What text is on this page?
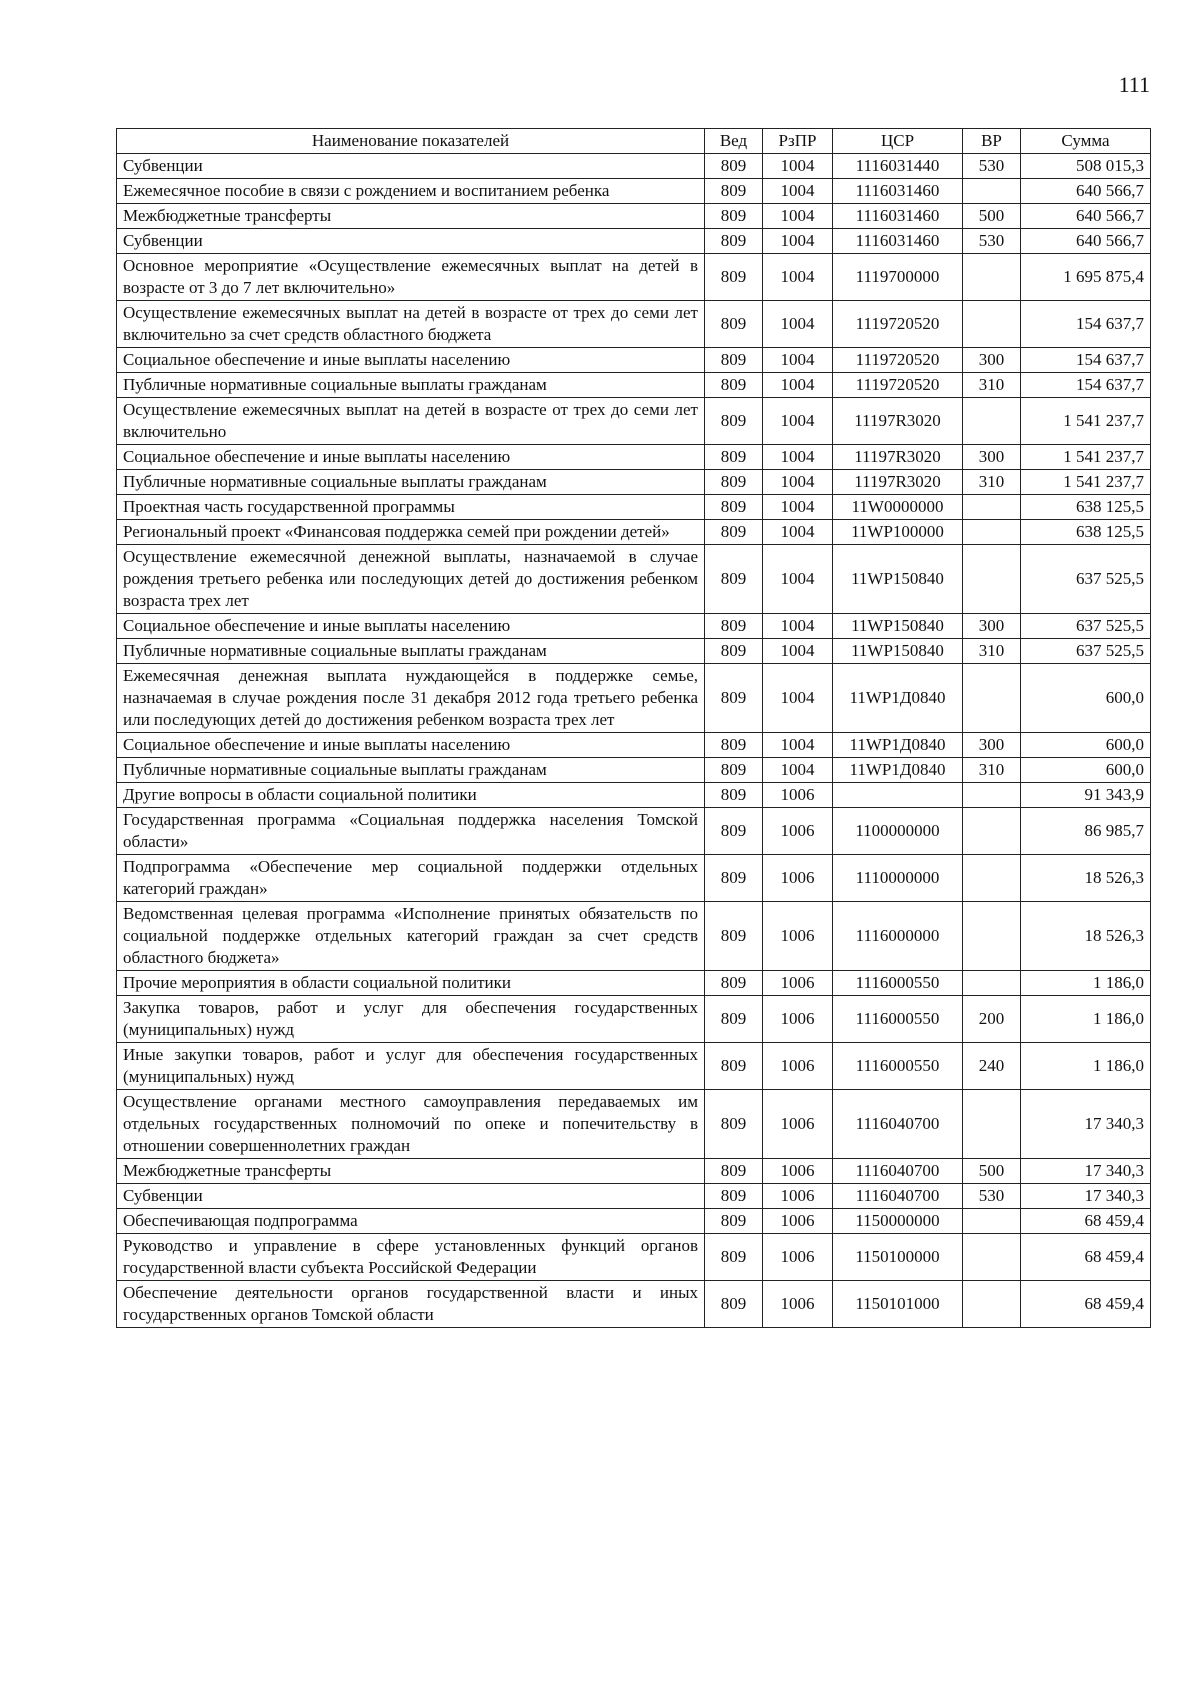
111
Наименование показателей	Вед	РзПР	ЦСР	ВР	Сумма
Субвенции	809	1004	1116031440	530	508 015,3
Ежемесячное пособие в связи с рождением и воспитанием ребенка	809	1004	1116031460		640 566,7
Межбюджетные трансферты	809	1004	1116031460	500	640 566,7
Субвенции	809	1004	1116031460	530	640 566,7
Основное мероприятие «Осуществление ежемесячных выплат на детей в возрасте от 3 до 7 лет включительно»	809	1004	1119700000		1 695 875,4
Осуществление ежемесячных выплат на детей в возрасте от трех до семи лет включительно за счет средств областного бюджета	809	1004	1119720520		154 637,7
Социальное обеспечение и иные выплаты населению	809	1004	1119720520	300	154 637,7
Публичные нормативные социальные выплаты гражданам	809	1004	1119720520	310	154 637,7
Осуществление ежемесячных выплат на детей в возрасте от трех до семи лет включительно	809	1004	11197R3020		1 541 237,7
Социальное обеспечение и иные выплаты населению	809	1004	11197R3020	300	1 541 237,7
Публичные нормативные социальные выплаты гражданам	809	1004	11197R3020	310	1 541 237,7
Проектная часть государственной программы	809	1004	11W0000000		638 125,5
Региональный проект «Финансовая поддержка семей при рождении детей»	809	1004	11WP100000		638 125,5
Осуществление ежемесячной денежной выплаты, назначаемой в случае рождения третьего ребенка или последующих детей до достижения ребенком возраста трех лет	809	1004	11WP150840		637 525,5
Социальное обеспечение и иные выплаты населению	809	1004	11WP150840	300	637 525,5
Публичные нормативные социальные выплаты гражданам	809	1004	11WP150840	310	637 525,5
Ежемесячная денежная выплата нуждающейся в поддержке семье, назначаемая в случае рождения после 31 декабря 2012 года третьего ребенка или последующих детей до достижения ребенком возраста трех лет	809	1004	11WP1Д0840		600,0
Социальное обеспечение и иные выплаты населению	809	1004	11WP1Д0840	300	600,0
Публичные нормативные социальные выплаты гражданам	809	1004	11WP1Д0840	310	600,0
Другие вопросы в области социальной политики	809	1006			91 343,9
Государственная программа «Социальная поддержка населения Томской области»	809	1006	1100000000		86 985,7
Подпрограмма «Обеспечение мер социальной поддержки отдельных категорий граждан»	809	1006	1110000000		18 526,3
Ведомственная целевая программа «Исполнение принятых обязательств по социальной поддержке отдельных категорий граждан за счет средств областного бюджета»	809	1006	1116000000		18 526,3
Прочие мероприятия в области социальной политики	809	1006	1116000550		1 186,0
Закупка товаров, работ и услуг для обеспечения государственных (муниципальных) нужд	809	1006	1116000550	200	1 186,0
Иные закупки товаров, работ и услуг для обеспечения государственных (муниципальных) нужд	809	1006	1116000550	240	1 186,0
Осуществление органами местного самоуправления передаваемых им отдельных государственных полномочий по опеке и попечительству в отношении совершеннолетних граждан	809	1006	1116040700		17 340,3
Межбюджетные трансферты	809	1006	1116040700	500	17 340,3
Субвенции	809	1006	1116040700	530	17 340,3
Обеспечивающая подпрограмма	809	1006	1150000000		68 459,4
Руководство и управление в сфере установленных функций органов государственной власти субъекта Российской Федерации	809	1006	1150100000		68 459,4
Обеспечение деятельности органов государственной власти и иных государственных органов Томской области	809	1006	1150101000		68 459,4
